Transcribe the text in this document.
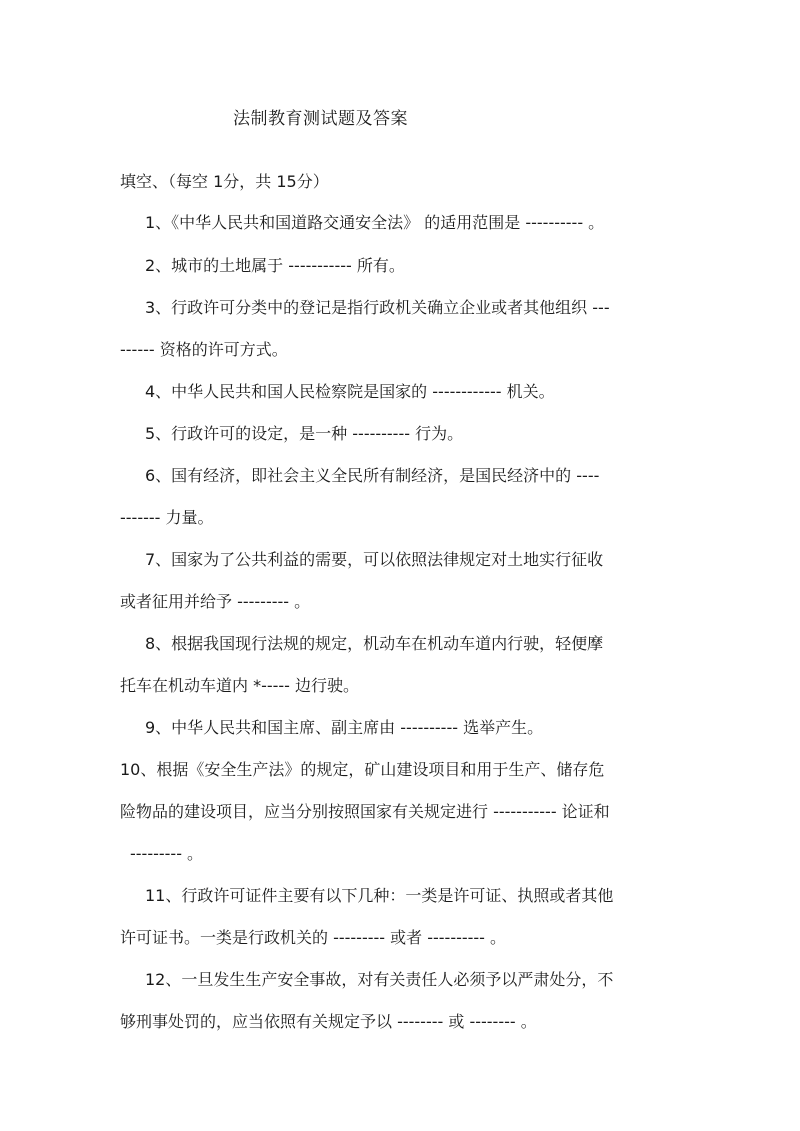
法制教育测试题及答案
填空、（每空 1分，共 15分）
1、《中华人民共和国道路交通安全法》 的适用范围是 ---------- 。
2、城市的土地属于 ----------- 所有。
3、行政许可分类中的登记是指行政机关确立企业或者其他组织 ---
------ 资格的许可方式。
4、中华人民共和国人民检察院是国家的 ------------ 机关。
5、行政许可的设定，是一种 ---------- 行为。
6、国有经济，即社会主义全民所有制经济，是国民经济中的 ----
------- 力量。
7、国家为了公共利益的需要，可以依照法律规定对土地实行征收
或者征用并给予 --------- 。
8、根据我国现行法规的规定，机动车在机动车道内行驶，轻便摩
托车在机动车道内 *----- 边行驶。
9、中华人民共和国主席、副主席由 ---------- 选举产生。
10、根据《安全生产法》的规定，矿山建设项目和用于生产、储存危
险物品的建设项目，应当分别按照国家有关规定进行 ----------- 论证和
--------- 。
11、行政许可证件主要有以下几种：一类是许可证、执照或者其他
许可证书。一类是行政机关的 --------- 或者 ---------- 。
12、一旦发生生产安全事故，对有关责任人必须予以严肃处分，不
够刑事处罚的，应当依照有关规定予以 -------- 或 -------- 。
